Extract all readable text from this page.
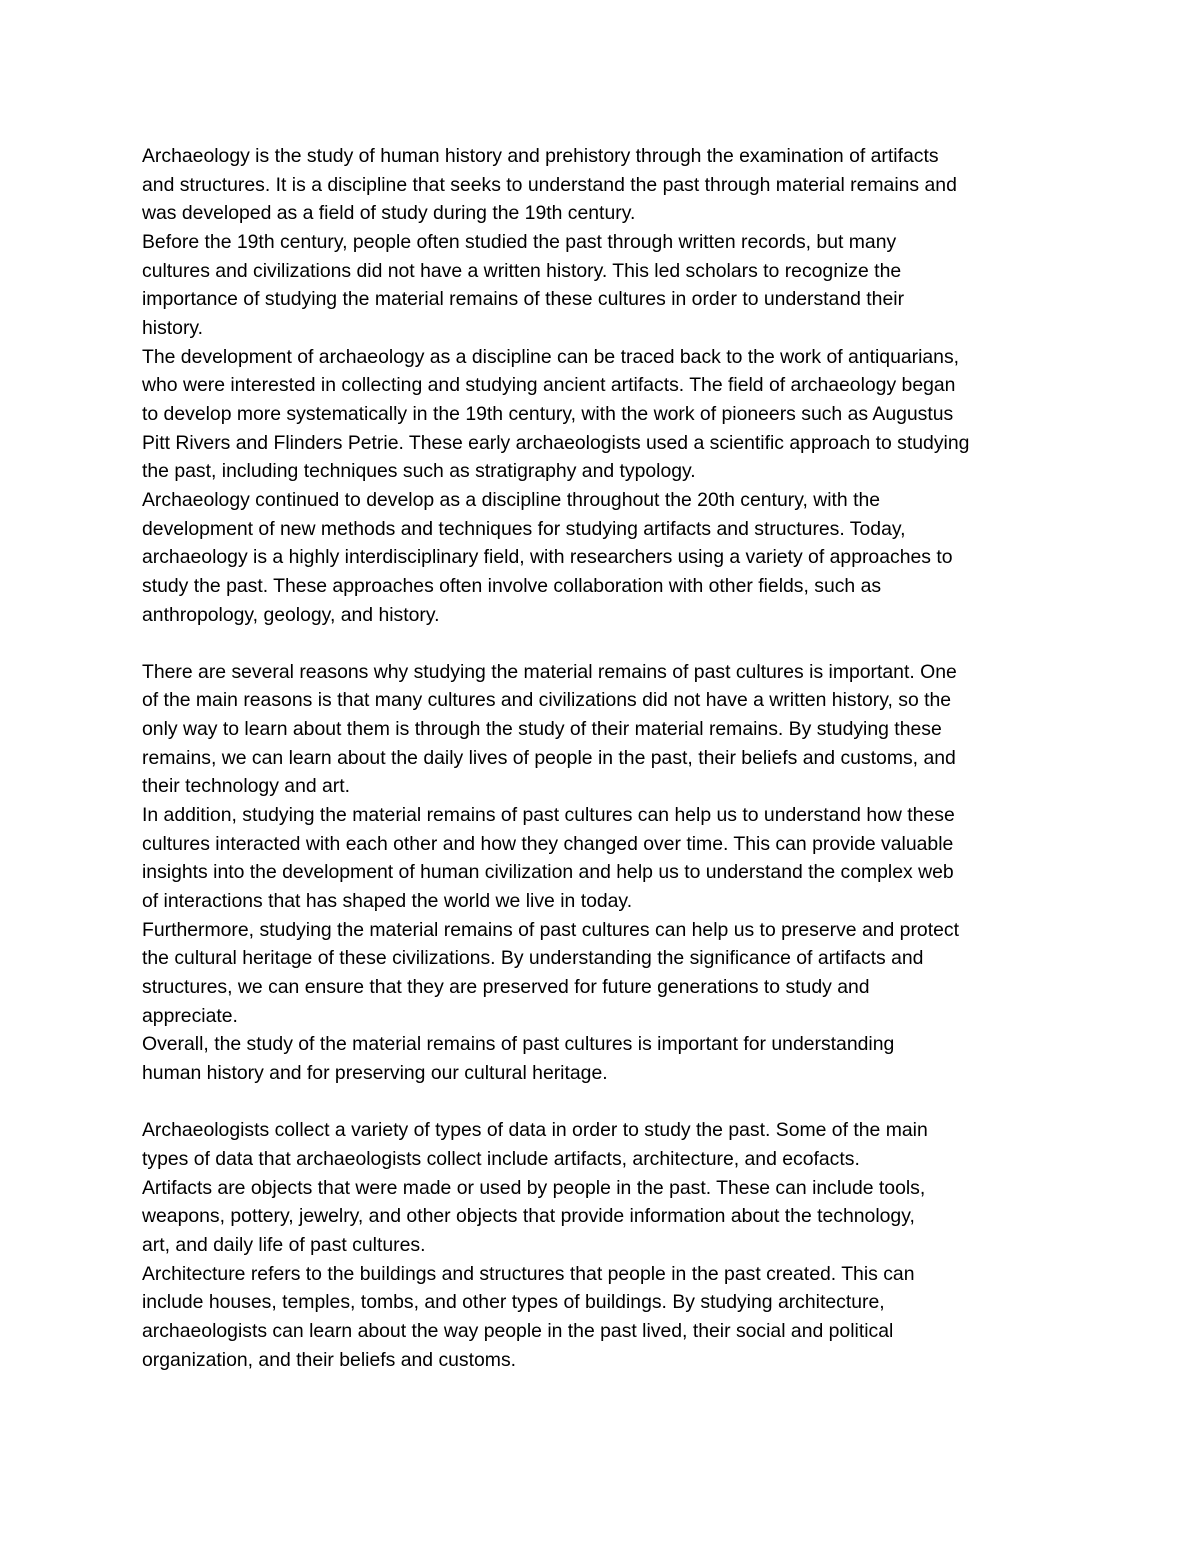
Archaeology is the study of human history and prehistory through the examination of artifacts
and structures. It is a discipline that seeks to understand the past through material remains and
was developed as a field of study during the 19th century.

Before the 19th century, people often studied the past through written records, but many
cultures and civilizations did not have a written history. This led scholars to recognize the
importance of studying the material remains of these cultures in order to understand their
history.

The development of archaeology as a discipline can be traced back to the work of antiquarians,
who were interested in collecting and studying ancient artifacts. The field of archaeology began
to develop more systematically in the 19th century, with the work of pioneers such as Augustus
Pitt Rivers and Flinders Petrie. These early archaeologists used a scientific approach to studying
the past, including techniques such as stratigraphy and typology.

Archaeology continued to develop as a discipline throughout the 20th century, with the
development of new methods and techniques for studying artifacts and structures. Today,
archaeology is a highly interdisciplinary field, with researchers using a variety of approaches to
study the past. These approaches often involve collaboration with other fields, such as
anthropology, geology, and history.

There are several reasons why studying the material remains of past cultures is important. One
of the main reasons is that many cultures and civilizations did not have a written history, so the
only way to learn about them is through the study of their material remains. By studying these
remains, we can learn about the daily lives of people in the past, their beliefs and customs, and
their technology and art.

In addition, studying the material remains of past cultures can help us to understand how these
cultures interacted with each other and how they changed over time. This can provide valuable
insights into the development of human civilization and help us to understand the complex web
of interactions that has shaped the world we live in today.

Furthermore, studying the material remains of past cultures can help us to preserve and protect
the cultural heritage of these civilizations. By understanding the significance of artifacts and
structures, we can ensure that they are preserved for future generations to study and
appreciate.

Overall, the study of the material remains of past cultures is important for understanding
human history and for preserving our cultural heritage.

Archaeologists collect a variety of types of data in order to study the past. Some of the main
types of data that archaeologists collect include artifacts, architecture, and ecofacts.

Artifacts are objects that were made or used by people in the past. These can include tools,
weapons, pottery, jewelry, and other objects that provide information about the technology,
art, and daily life of past cultures.

Architecture refers to the buildings and structures that people in the past created. This can
include houses, temples, tombs, and other types of buildings. By studying architecture,
archaeologists can learn about the way people in the past lived, their social and political
organization, and their beliefs and customs.
